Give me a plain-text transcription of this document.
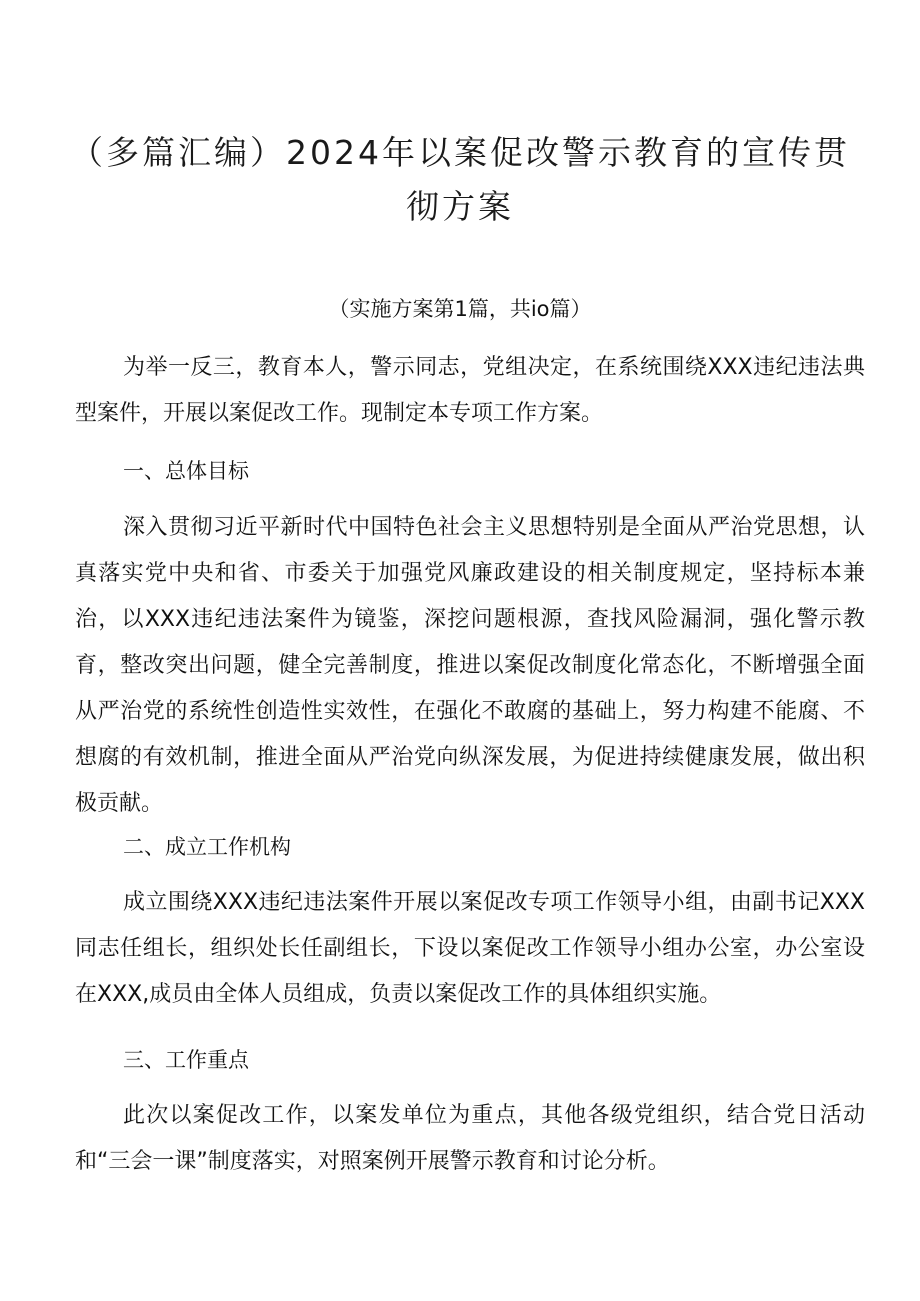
（多篇汇编）2024年以案促改警示教育的宣传贯彻方案
（实施方案第1篇，共io篇）

为举一反三，教育本人，警示同志，党组决定，在系统围绕XXX违纪违法典型案件，开展以案促改工作。现制定本专项工作方案。

一、总体目标

深入贯彻习近平新时代中国特色社会主义思想特别是全面从严治党思想，认真落实党中央和省、市委关于加强党风廉政建设的相关制度规定，坚持标本兼治，以XXX违纪违法案件为镜鉴，深挖问题根源，查找风险漏洞，强化警示教育，整改突出问题，健全完善制度，推进以案促改制度化常态化，不断增强全面从严治党的系统性创造性实效性，在强化不敢腐的基础上，努力构建不能腐、不想腐的有效机制，推进全面从严治党向纵深发展，为促进持续健康发展，做出积极贡献。

二、成立工作机构

成立围绕XXX违纪违法案件开展以案促改专项工作领导小组，由副书记XXX同志任组长，组织处长任副组长，下设以案促改工作领导小组办公室，办公室设在XXX,成员由全体人员组成，负责以案促改工作的具体组织实施。

三、工作重点

此次以案促改工作，以案发单位为重点，其他各级党组织，结合党日活动和“三会一课”制度落实，对照案例开展警示教育和讨论分析。
